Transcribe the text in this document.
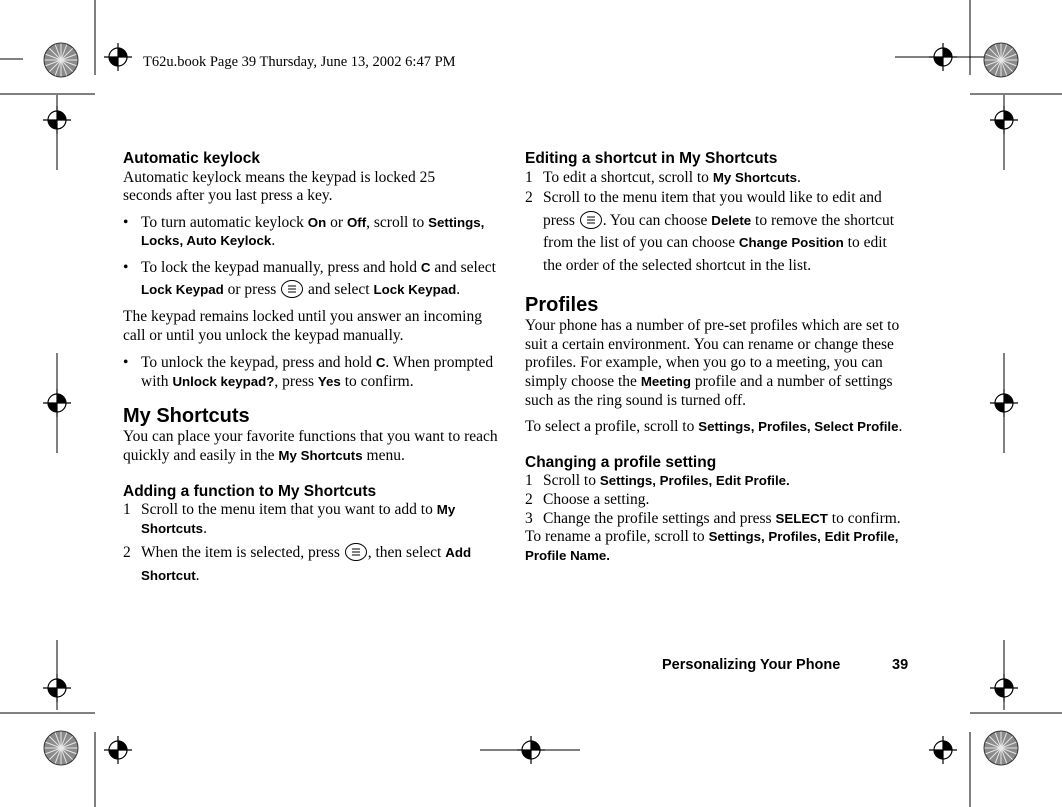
T62u.book Page 39 Thursday, June 13, 2002 6:47 PM
Automatic keylock

Automatic keylock means the keypad is locked 25 seconds after you last press a key.

• To turn automatic keylock On or Off, scroll to Settings, Locks, Auto Keylock.
• To lock the keypad manually, press and hold C and select Lock Keypad or press  and select Lock Keypad.

The keypad remains locked until you answer an incoming call or until you unlock the keypad manually.

• To unlock the keypad, press and hold C. When prompted with Unlock keypad?, press Yes to confirm.
My Shortcuts

You can place your favorite functions that you want to reach quickly and easily in the My Shortcuts menu.

Adding a function to My Shortcuts
1 Scroll to the menu item that you want to add to My Shortcuts.
2 When the item is selected, press , then select Add Shortcut.
Editing a shortcut in My Shortcuts
1 To edit a shortcut, scroll to My Shortcuts.
2 Scroll to the menu item that you would like to edit and press . You can choose Delete to remove the shortcut from the list of you can choose Change Position to edit the order of the selected shortcut in the list.
Profiles

Your phone has a number of pre-set profiles which are set to suit a certain environment. You can rename or change these profiles. For example, when you go to a meeting, you can simply choose the Meeting profile and a number of settings such as the ring sound is turned off.

To select a profile, scroll to Settings, Profiles, Select Profile.

Changing a profile setting
1 Scroll to Settings, Profiles, Edit Profile.
2 Choose a setting.
3 Change the profile settings and press SELECT to confirm.

To rename a profile, scroll to Settings, Profiles, Edit Profile, Profile Name.

Personalizing Your Phone	39
